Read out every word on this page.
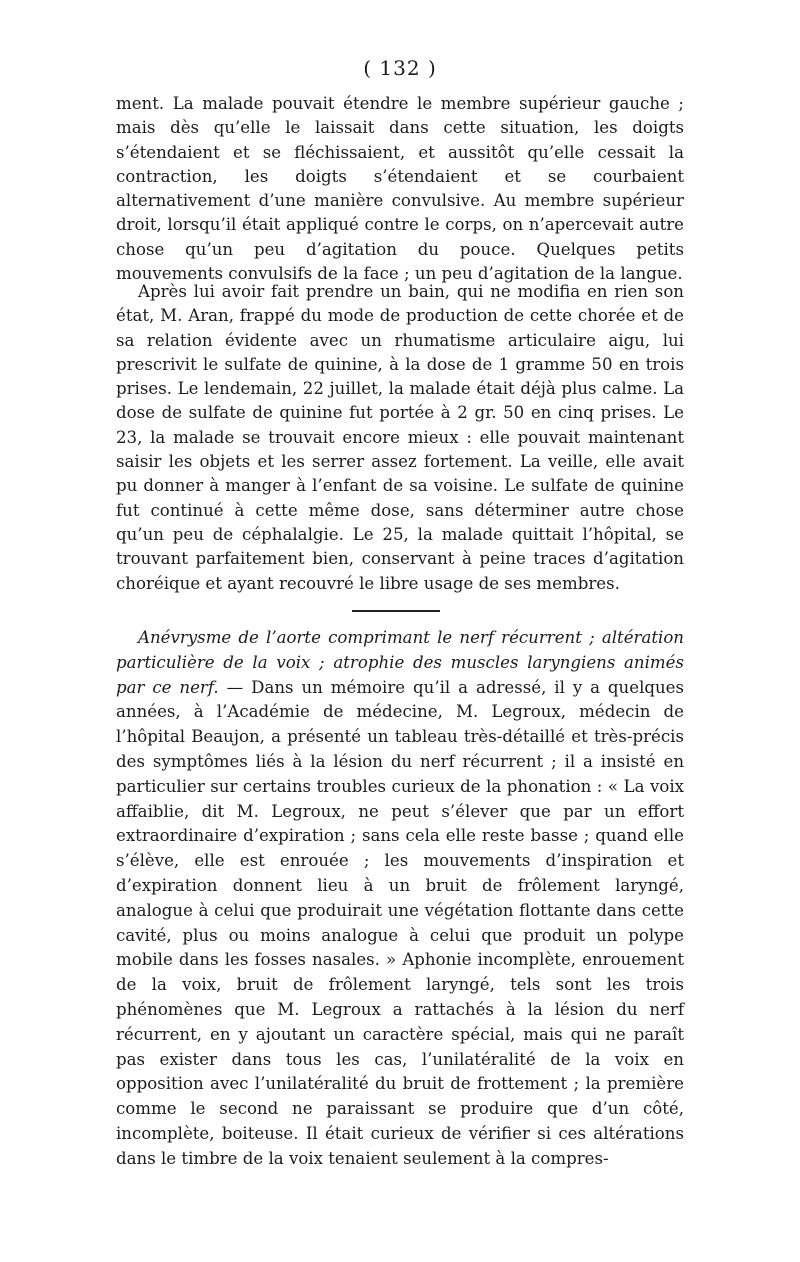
( 132 )

ment. La malade pouvait étendre le membre supérieur gauche ; mais dès qu’elle le laissait dans cette situation, les doigts s’étendaient et se fléchissaient, et aussitôt qu’elle cessait la contraction, les doigts s’étendaient et se courbaient alternativement d’une manière convulsive. Au membre supérieur droit, lorsqu’il était appliqué contre le corps, on n’apercevait autre chose qu’un peu d’agitation du pouce. Quelques petits mouvements convulsifs de la face ; un peu d’agitation de la langue.

Après lui avoir fait prendre un bain, qui ne modifia en rien son état, M. Aran, frappé du mode de production de cette chorée et de sa relation évidente avec un rhumatisme articulaire aigu, lui prescrivit le sulfate de quinine, à la dose de 1 gramme 50 en trois prises. Le lendemain, 22 juillet, la malade était déjà plus calme. La dose de sulfate de quinine fut portée à 2 gr. 50 en cinq prises. Le 23, la malade se trouvait encore mieux : elle pouvait maintenant saisir les objets et les serrer assez fortement. La veille, elle avait pu donner à manger à l’enfant de sa voisine. Le sulfate de quinine fut continué à cette même dose, sans déterminer autre chose qu’un peu de céphalalgie. Le 25, la malade quittait l’hôpital, se trouvant parfaitement bien, conservant à peine traces d’agitation choréique et ayant recouvré le libre usage de ses membres.

Anévrysme de l’aorte comprimant le nerf récurrent ; altération particulière de la voix ; atrophie des muscles laryngiens animés par ce nerf. — Dans un mémoire qu’il a adressé, il y a quelques années, à l’Académie de médecine, M. Legroux, médecin de l’hôpital Beaujon, a présenté un tableau très-détaillé et très-précis des symptômes liés à la lésion du nerf récurrent ; il a insisté en particulier sur certains troubles curieux de la phonation : « La voix affaiblie, dit M. Legroux, ne peut s’élever que par un effort extraordinaire d’expiration ; sans cela elle reste basse ; quand elle s’élève, elle est enrouée ; les mouvements d’inspiration et d’expiration donnent lieu à un bruit de frôlement laryngé, analogue à celui que produirait une végétation flottante dans cette cavité, plus ou moins analogue à celui que produit un polype mobile dans les fosses nasales. » Aphonie incomplète, enrouement de la voix, bruit de frôlement laryngé, tels sont les trois phénomènes que M. Legroux a rattachés à la lésion du nerf récurrent, en y ajoutant un caractère spécial, mais qui ne paraît pas exister dans tous les cas, l’unilatéralité de la voix en opposition avec l’unilatéralité du bruit de frottement ; la première comme le second ne paraissant se produire que d’un côté, incomplète, boiteuse. Il était curieux de vérifier si ces altérations dans le timbre de la voix tenaient seulement à la compres-
